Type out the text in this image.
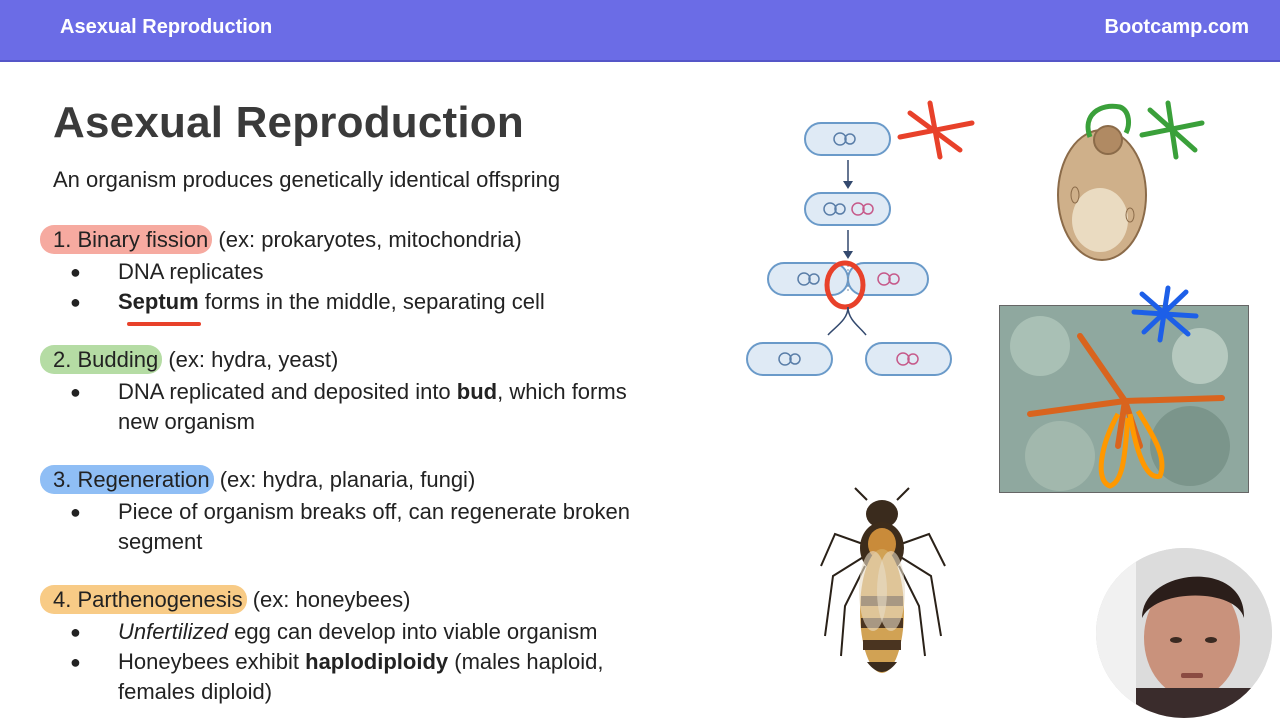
Asexual Reproduction	Bootcamp.com
Asexual Reproduction
An organism produces genetically identical offspring
1. Binary fission (ex: prokaryotes, mitochondria)
● DNA replicates
● Septum forms in the middle, separating cell
2. Budding (ex: hydra, yeast)
● DNA replicated and deposited into bud, which forms
new organism
3. Regeneration (ex: hydra, planaria, fungi)
● Piece of organism breaks off, can regenerate broken
segment
4. Parthenogenesis (ex: honeybees)
● Unfertilized egg can develop into viable organism
● Honeybees exhibit haplodiploidy (males haploid,
females diploid)
